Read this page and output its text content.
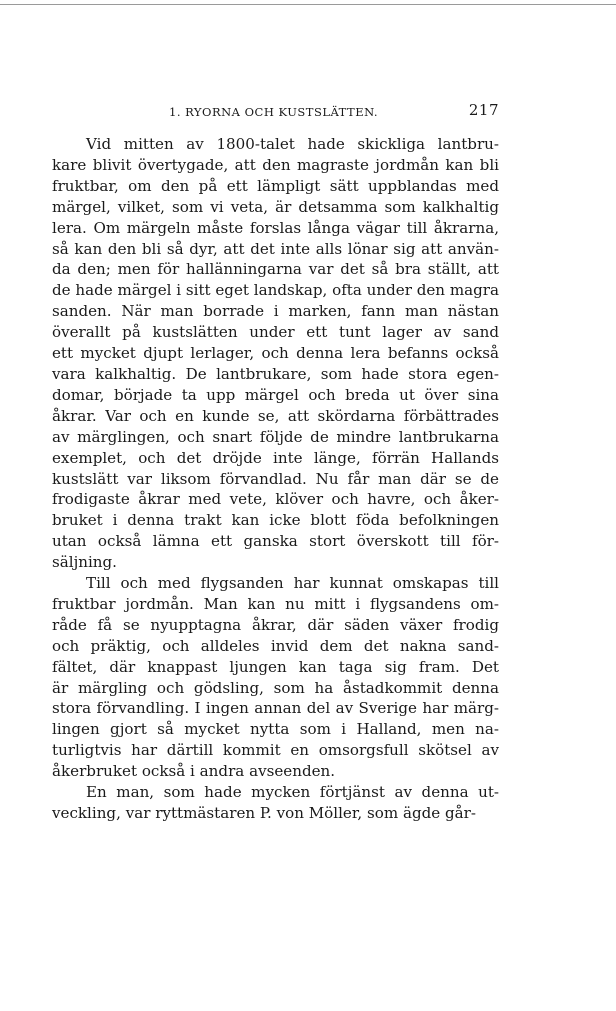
1. RYORNA OCH KUSTSLÄTTEN.	217

Vid mitten av 1800-talet hade skickliga lantbru-
kare blivit övertygade, att den magraste jordmån kan bli
fruktbar, om den på ett lämpligt sätt uppblandas med
märgel, vilket, som vi veta, är detsamma som kalkhaltig
lera. Om märgeln måste forslas långa vägar till åkrarna,
så kan den bli så dyr, att det inte alls lönar sig att använ-
da den; men för hallänningarna var det så bra ställt, att
de hade märgel i sitt eget landskap, ofta under den magra
sanden. När man borrade i marken, fann man nästan
överallt på kustslätten under ett tunt lager av sand
ett mycket djupt lerlager, och denna lera befanns också
vara kalkhaltig. De lantbrukare, som hade stora egen-
domar, började ta upp märgel och breda ut över sina
åkrar. Var och en kunde se, att skördarna förbättrades
av märglingen, och snart följde de mindre lantbrukarna
exemplet, och det dröjde inte länge, förrän Hallands
kustslätt var liksom förvandlad. Nu får man där se de
frodigaste åkrar med vete, klöver och havre, och åker-
bruket i denna trakt kan icke blott föda befolkningen
utan också lämna ett ganska stort överskott till för-
säljning.

Till och med flygsanden har kunnat omskapas till
fruktbar jordmån. Man kan nu mitt i flygsandens om-
råde få se nyupptagna åkrar, där säden växer frodig
och präktig, och alldeles invid dem det nakna sand-
fältet, där knappast ljungen kan taga sig fram. Det
är märgling och gödsling, som ha åstadkommit denna
stora förvandling. I ingen annan del av Sverige har märg-
lingen gjort så mycket nytta som i Halland, men na-
turligtvis har därtill kommit en omsorgsfull skötsel av
åkerbruket också i andra avseenden.

En man, som hade mycken förtjänst av denna ut-
veckling, var ryttmästaren P. von Möller, som ägde går-
